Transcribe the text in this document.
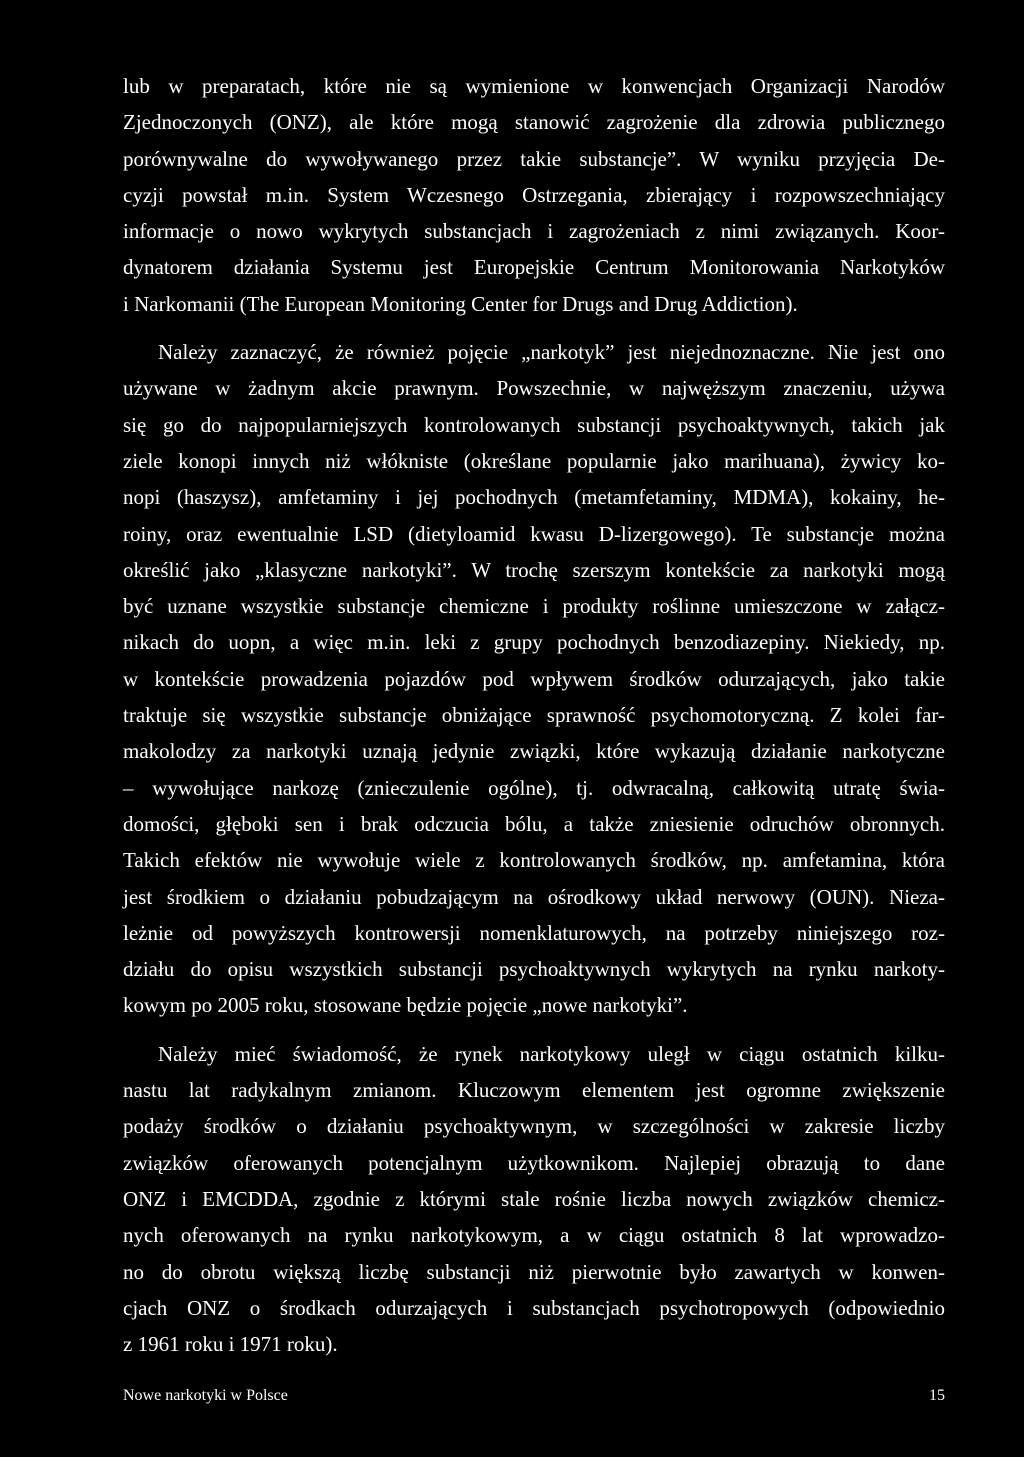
lub w preparatach, które nie są wymienione w konwencjach Organizacji Narodów
Zjednoczonych (ONZ), ale które mogą stanowić zagrożenie dla zdrowia publicznego
porównywalne do wywoływanego przez takie substancje”. W wyniku przyjęcia De-
cyzji powstał m.in. System Wczesnego Ostrzegania, zbierający i rozpowszechniający
informacje o nowo wykrytych substancjach i zagrożeniach z nimi związanych. Koor-
dynatorem działania Systemu jest Europejskie Centrum Monitorowania Narkotyków
i Narkomanii (The European Monitoring Center for Drugs and Drug Addiction).
Należy zaznaczyć, że również pojęcie „narkotyk” jest niejednoznaczne. Nie jest ono
używane w żadnym akcie prawnym. Powszechnie, w najwęższym znaczeniu, używa
się go do najpopularniejszych kontrolowanych substancji psychoaktywnych, takich jak
ziele konopi innych niż włókniste (określane popularnie jako marihuana), żywicy ko-
nopi (haszysz), amfetaminy i jej pochodnych (metamfetaminy, MDMA), kokainy, he-
roiny, oraz ewentualnie LSD (dietyloamid kwasu D-lizergowego). Te substancje można
określić jako „klasyczne narkotyki”. W trochę szerszym kontekście za narkotyki mogą
być uznane wszystkie substancje chemiczne i produkty roślinne umieszczone w załącz-
nikach do uopn, a więc m.in. leki z grupy pochodnych benzodiazepiny. Niekiedy, np.
w kontekście prowadzenia pojazdów pod wpływem środków odurzających, jako takie
traktuje się wszystkie substancje obniżające sprawność psychomotoryczną. Z kolei far-
makolodzy za narkotyki uznają jedynie związki, które wykazują działanie narkotyczne
– wywołujące narkozę (znieczulenie ogólne), tj. odwracalną, całkowitą utratę świa-
domości, głęboki sen i brak odczucia bólu, a także zniesienie odruchów obronnych.
Takich efektów nie wywołuje wiele z kontrolowanych środków, np. amfetamina, która
jest środkiem o działaniu pobudzającym na ośrodkowy układ nerwowy (OUN). Nieza-
leżnie od powyższych kontrowersji nomenklaturowych, na potrzeby niniejszego roz-
działu do opisu wszystkich substancji psychoaktywnych wykrytych na rynku narkoty-
kowym po 2005 roku, stosowane będzie pojęcie „nowe narkotyki”.
Należy mieć świadomość, że rynek narkotykowy uległ w ciągu ostatnich kilku-
nastu lat radykalnym zmianom. Kluczowym elementem jest ogromne zwiększenie
podaży środków o działaniu psychoaktywnym, w szczególności w zakresie liczby
związków oferowanych potencjalnym użytkownikom. Najlepiej obrazują to dane
ONZ i EMCDDA, zgodnie z którymi stale rośnie liczba nowych związków chemicz-
nych oferowanych na rynku narkotykowym, a w ciągu ostatnich 8 lat wprowadzo-
no do obrotu większą liczbę substancji niż pierwotnie było zawartych w konwen-
cjach ONZ o środkach odurzających i substancjach psychotropowych (odpowiednio
z 1961 roku i 1971 roku).
Nowe narkotyki w Polsce	15
